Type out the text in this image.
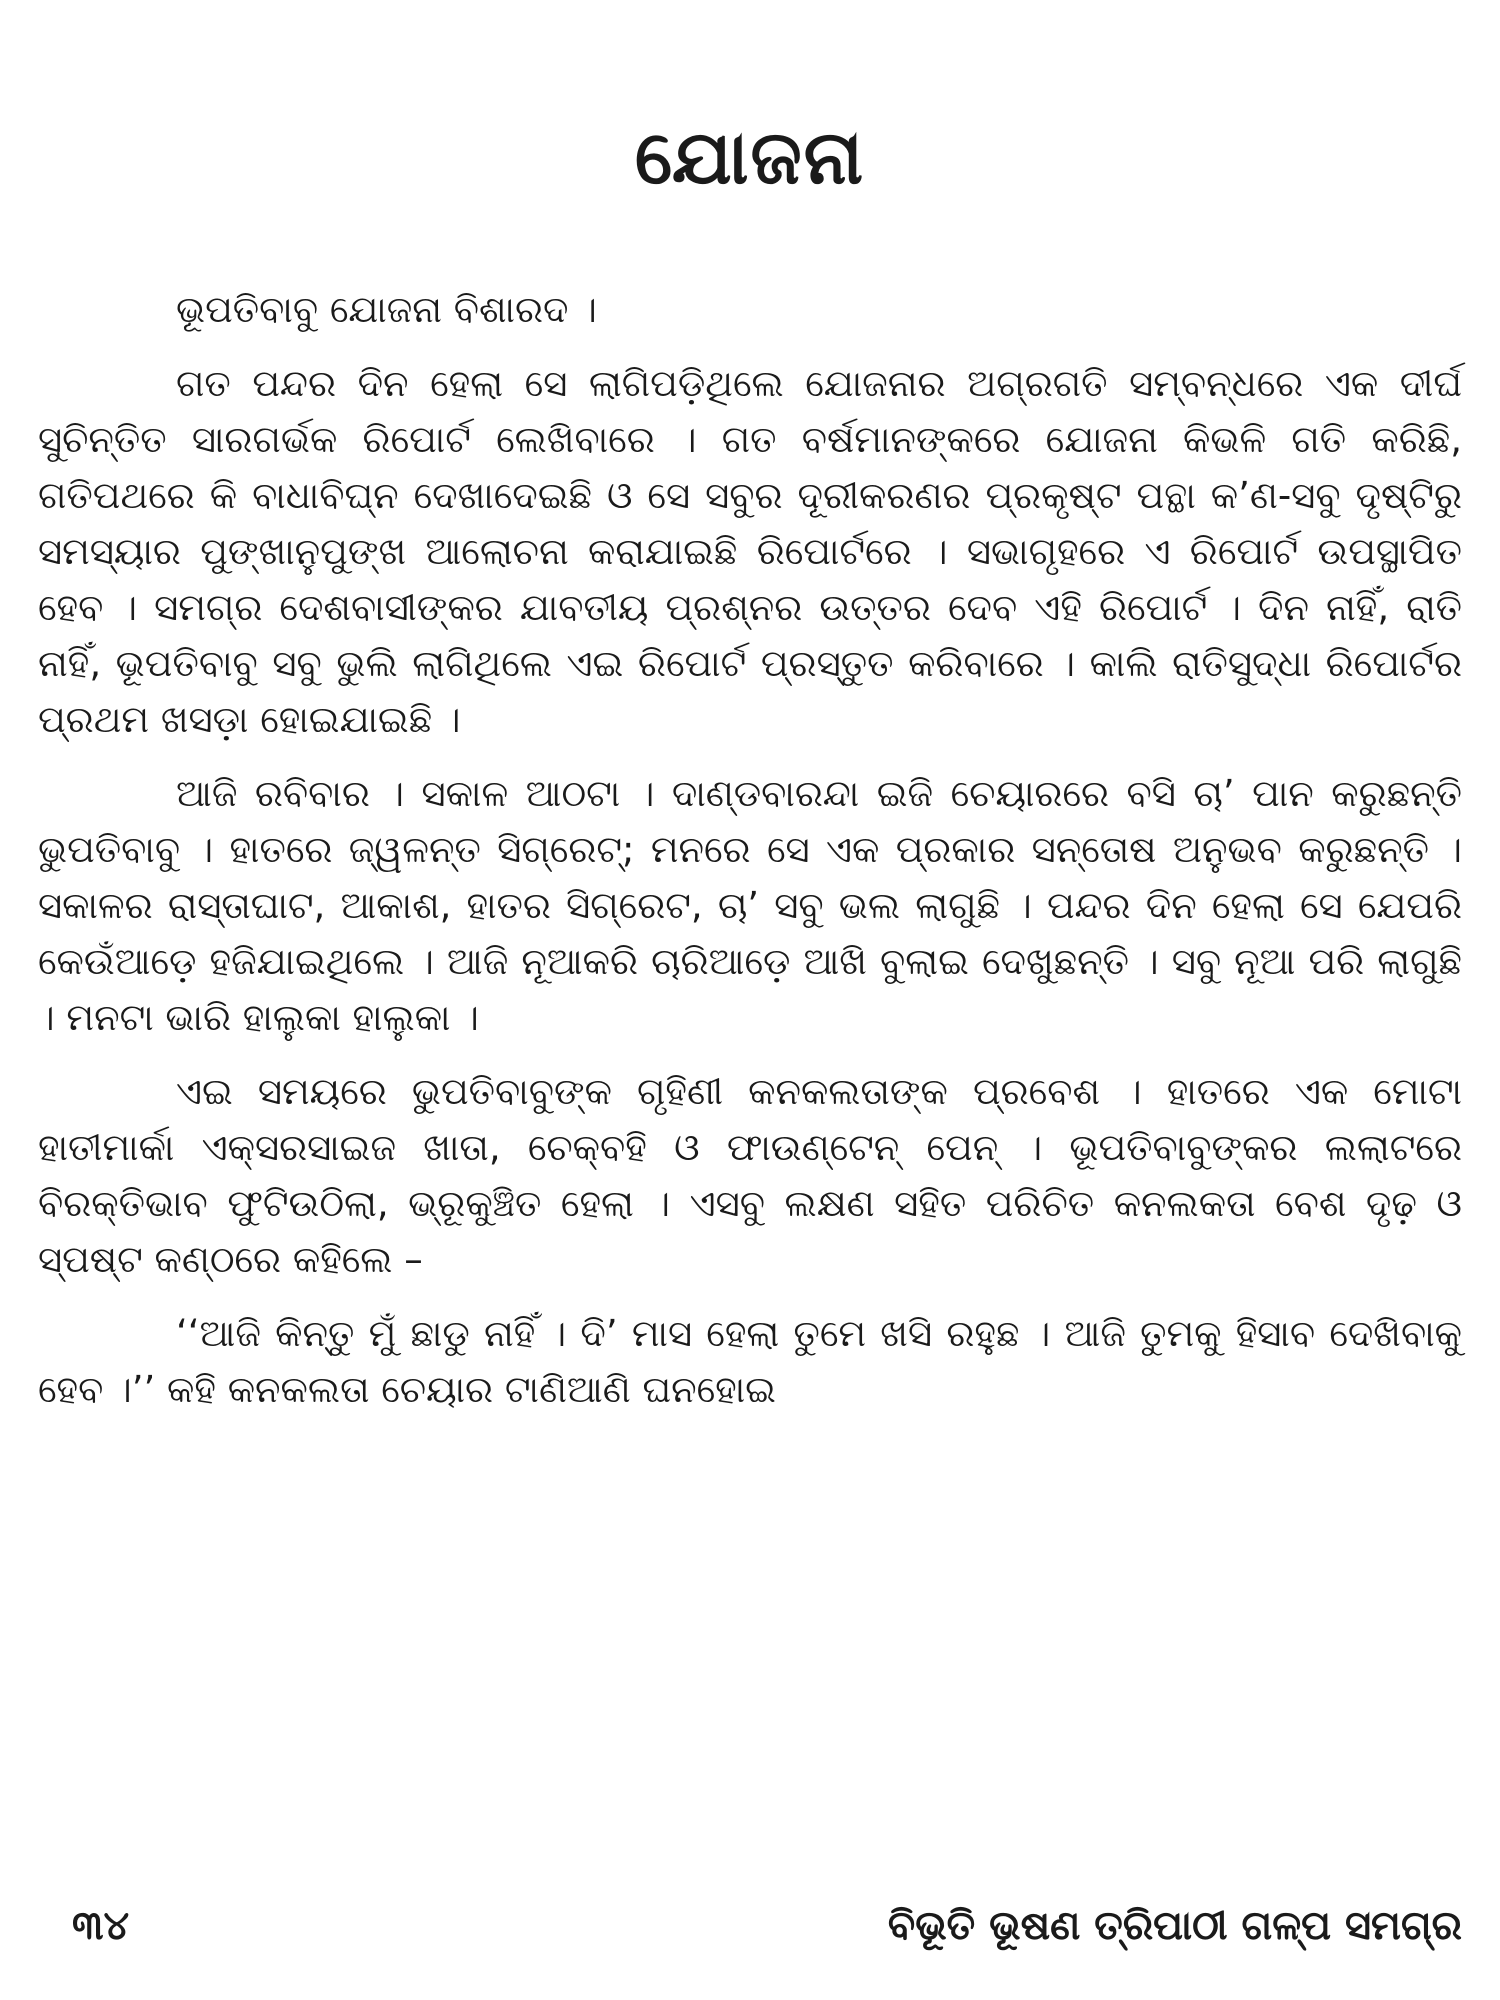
ଯୋଜନା

ଭୂପତିବାବୁ ଯୋଜନା ବିଶାରଦ ।

ଗତ ପନ୍ଦର ଦିନ ହେଲା ସେ ଲାଗିପଡ଼ିଥିଲେ ଯୋଜନାର ଅଗ୍ରଗତି ସମ୍ବନ୍ଧରେ ଏକ ଦୀର୍ଘ ସୁଚିନ୍ତିତ ସାରଗର୍ଭକ ରିପୋର୍ଟ ଲେଖିବାରେ । ଗତ ବର୍ଷମାନଙ୍କରେ ଯୋଜନା କିଭଳି ଗତି କରିଛି, ଗତିପଥରେ କି ବାଧାବିଘ୍ନ ଦେଖାଦେଇଛି ଓ ସେ ସବୁର ଦୂରୀକରଣର ପ୍ରକୃଷ୍ଟ ପନ୍ଥା କ’ଣ-ସବୁ ଦୃଷ୍ଟିରୁ ସମସ୍ୟାର ପୁଙ୍ଖାନୁପୁଙ୍ଖ ଆଲୋଚନା କରାଯାଇଛି ରିପୋର୍ଟରେ । ସଭାଗୃହରେ ଏ ରିପୋର୍ଟ ଉପସ୍ଥାପିତ ହେବ । ସମଗ୍ର ଦେଶବାସୀଙ୍କର ଯାବତୀୟ ପ୍ରଶ୍ନର ଉତ୍ତର ଦେବ ଏହି ରିପୋର୍ଟ । ଦିନ ନାହିଁ, ରାତି ନାହିଁ, ଭୂପତିବାବୁ ସବୁ ଭୁଲି ଲାଗିଥିଲେ ଏଇ ରିପୋର୍ଟ ପ୍ରସ୍ତୁତ କରିବାରେ । କାଲି ରାତିସୁଦ୍ଧା ରିପୋର୍ଟର ପ୍ରଥମ ଖସଡ଼ା ହୋଇଯାଇଛି ।

ଆଜି ରବିବାର । ସକାଳ ଆଠଟା । ଦାଣ୍ଡବାରନ୍ଦା ଇଜି ଚେୟାରରେ ବସି ଚା’ ପାନ କରୁଛନ୍ତି ଭୁପତିବାବୁ । ହାତରେ ଜ୍ୱଳନ୍ତ ସିଗ୍ରେଟ୍; ମନରେ ସେ ଏକ ପ୍ରକାର ସନ୍ତୋଷ ଅନୁଭବ କରୁଛନ୍ତି । ସକାଳର ରାସ୍ତାଘାଟ, ଆକାଶ, ହାତର ସିଗ୍ରେଟ, ଚା’ ସବୁ ଭଲ ଲାଗୁଛି । ପନ୍ଦର ଦିନ ହେଲା ସେ ଯେପରି କେଉଁଆଡ଼େ ହଜିଯାଇଥିଲେ । ଆଜି ନୂଆକରି ଚାରିଆଡ଼େ ଆଖି ବୁଲାଇ ଦେଖୁଛନ୍ତି । ସବୁ ନୂଆ ପରି ଲାଗୁଛି । ମନଟା ଭାରି ହାଲୁକା ହାଲୁକା ।

ଏଇ ସମୟରେ ଭୁପତିବାବୁଙ୍କ ଗୃହିଣୀ କନକଲତାଙ୍କ ପ୍ରବେଶ । ହାତରେ ଏକ ମୋଟା ହାତୀମାର୍କା ଏକ୍ସରସାଇଜ ଖାତା, ଚେକ୍‌ବହି ଓ ଫାଉଣ୍ଟେନ୍ ପେନ୍ । ଭୂପତିବାବୁଙ୍କର ଲଲାଟରେ ବିରକ୍ତିଭାବ ଫୁଟିଉଠିଲା, ଭ୍ରୂକୁଞ୍ଚିତ ହେଲା । ଏସବୁ ଲକ୍ଷଣ ସହିତ ପରିଚିତ କନଲକତା ବେଶ ଦୃଢ଼ ଓ ସ୍ପଷ୍ଟ କଣ୍ଠରେ କହିଲେ –

‘‘ଆଜି କିନ୍ତୁ ମୁଁ ଛାଡୁ ନାହିଁ । ଦି’ ମାସ ହେଲା ତୁମେ ଖସି ରହୁଛ । ଆଜି ତୁମକୁ ହିସାବ ଦେଖିବାକୁ ହେବ ।’’ କହି କନକଲତା ଚେୟାର ଟାଣିଆଣି ଘନହୋଇ

୩୪	ବିଭୂତି ଭୂଷଣ ତ୍ରିପାଠୀ ଗଳ୍ପ ସମଗ୍ର
